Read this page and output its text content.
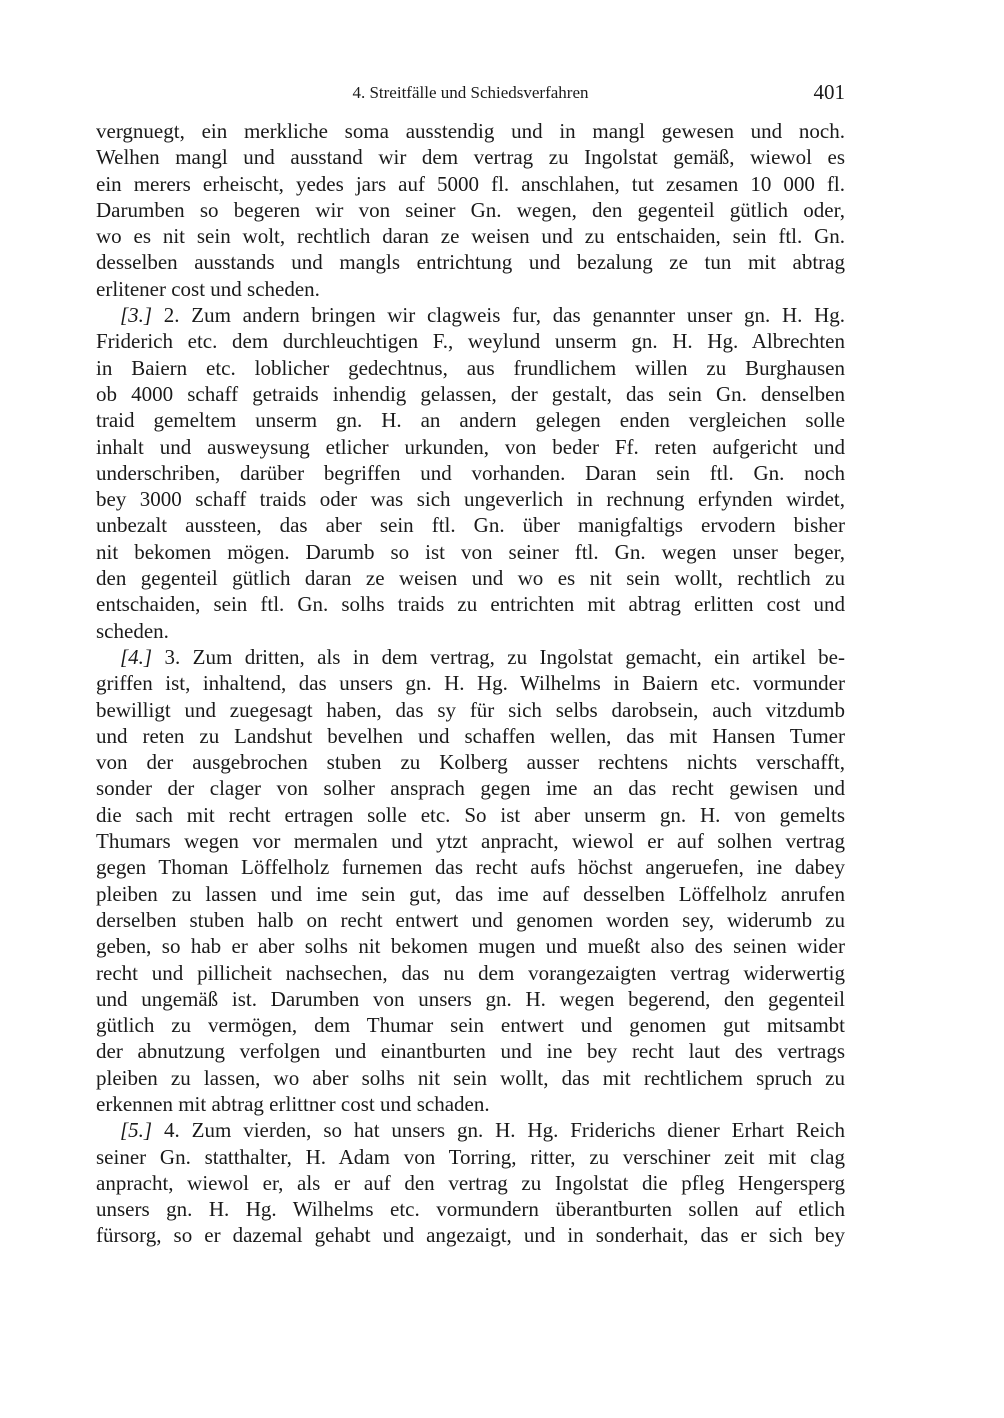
4. Streitfälle und Schiedsverfahren	401
vergnuegt, ein merkliche soma ausstendig und in mangl gewesen und noch.
Welhen mangl und ausstand wir dem vertrag zu Ingolstat gemäß, wiewol es
ein merers erheischt, yedes jars auf 5000 fl. anschlahen, tut zesamen 10 000 fl.
Darumben so begeren wir von seiner Gn. wegen, den gegenteil gütlich oder,
wo es nit sein wolt, rechtlich daran ze weisen und zu entschaiden, sein ftl. Gn.
desselben ausstands und mangls entrichtung und bezalung ze tun mit abtrag
erlitener cost und scheden.
[3.] 2. Zum andern bringen wir clagweis fur, das genannter unser gn. H. Hg.
Friderich etc. dem durchleuchtigen F., weylund unserm gn. H. Hg. Albrechten
in Baiern etc. loblicher gedechtnus, aus frundlichem willen zu Burghausen
ob 4000 schaff getraids inhendig gelassen, der gestalt, das sein Gn. denselben
traid gemeltem unserm gn. H. an andern gelegen enden vergleichen solle
inhalt und ausweysung etlicher urkunden, von beder Ff. reten aufgericht und
underschriben, darüber begriffen und vorhanden. Daran sein ftl. Gn. noch
bey 3000 schaff traids oder was sich ungeverlich in rechnung erfynden wirdet,
unbezalt aussteen, das aber sein ftl. Gn. über manigfaltigs ervodern bisher
nit bekomen mögen. Darumb so ist von seiner ftl. Gn. wegen unser beger,
den gegenteil gütlich daran ze weisen und wo es nit sein wollt, rechtlich zu
entschaiden, sein ftl. Gn. solhs traids zu entrichten mit abtrag erlitten cost und
scheden.
[4.] 3. Zum dritten, als in dem vertrag, zu Ingolstat gemacht, ein artikel be-
griffen ist, inhaltend, das unsers gn. H. Hg. Wilhelms in Baiern etc. vormunder
bewilligt und zuegesagt haben, das sy für sich selbs darobsein, auch vitzdumb
und reten zu Landshut bevelhen und schaffen wellen, das mit Hansen Tumer
von der ausgebrochen stuben zu Kolberg ausser rechtens nichts verschafft,
sonder der clager von solher ansprach gegen ime an das recht gewisen und
die sach mit recht ertragen solle etc. So ist aber unserm gn. H. von gemelts
Thumars wegen vor mermalen und ytzt anpracht, wiewol er auf solhen vertrag
gegen Thoman Löffelholz furnemen das recht aufs höchst angeruefen, ine dabey
pleiben zu lassen und ime sein gut, das ime auf desselben Löffelholz anrufen
derselben stuben halb on recht entwert und genomen worden sey, widerumb zu
geben, so hab er aber solhs nit bekomen mugen und mueßt also des seinen wider
recht und pillicheit nachsechen, das nu dem vorangezaigten vertrag widerwertig
und ungemäß ist. Darumben von unsers gn. H. wegen begerend, den gegenteil
gütlich zu vermögen, dem Thumar sein entwert und genomen gut mitsambt
der abnutzung verfolgen und einantburten und ine bey recht laut des vertrags
pleiben zu lassen, wo aber solhs nit sein wollt, das mit rechtlichem spruch zu
erkennen mit abtrag erlittner cost und schaden.
[5.] 4. Zum vierden, so hat unsers gn. H. Hg. Friderichs diener Erhart Reich
seiner Gn. statthalter, H. Adam von Torring, ritter, zu verschiner zeit mit clag
anpracht, wiewol er, als er auf den vertrag zu Ingolstat die pfleg Hengersperg
unsers gn. H. Hg. Wilhelms etc. vormundern überantburten sollen auf etlich
fürsorg, so er dazemal gehabt und angezaigt, und in sonderhait, das er sich bey
